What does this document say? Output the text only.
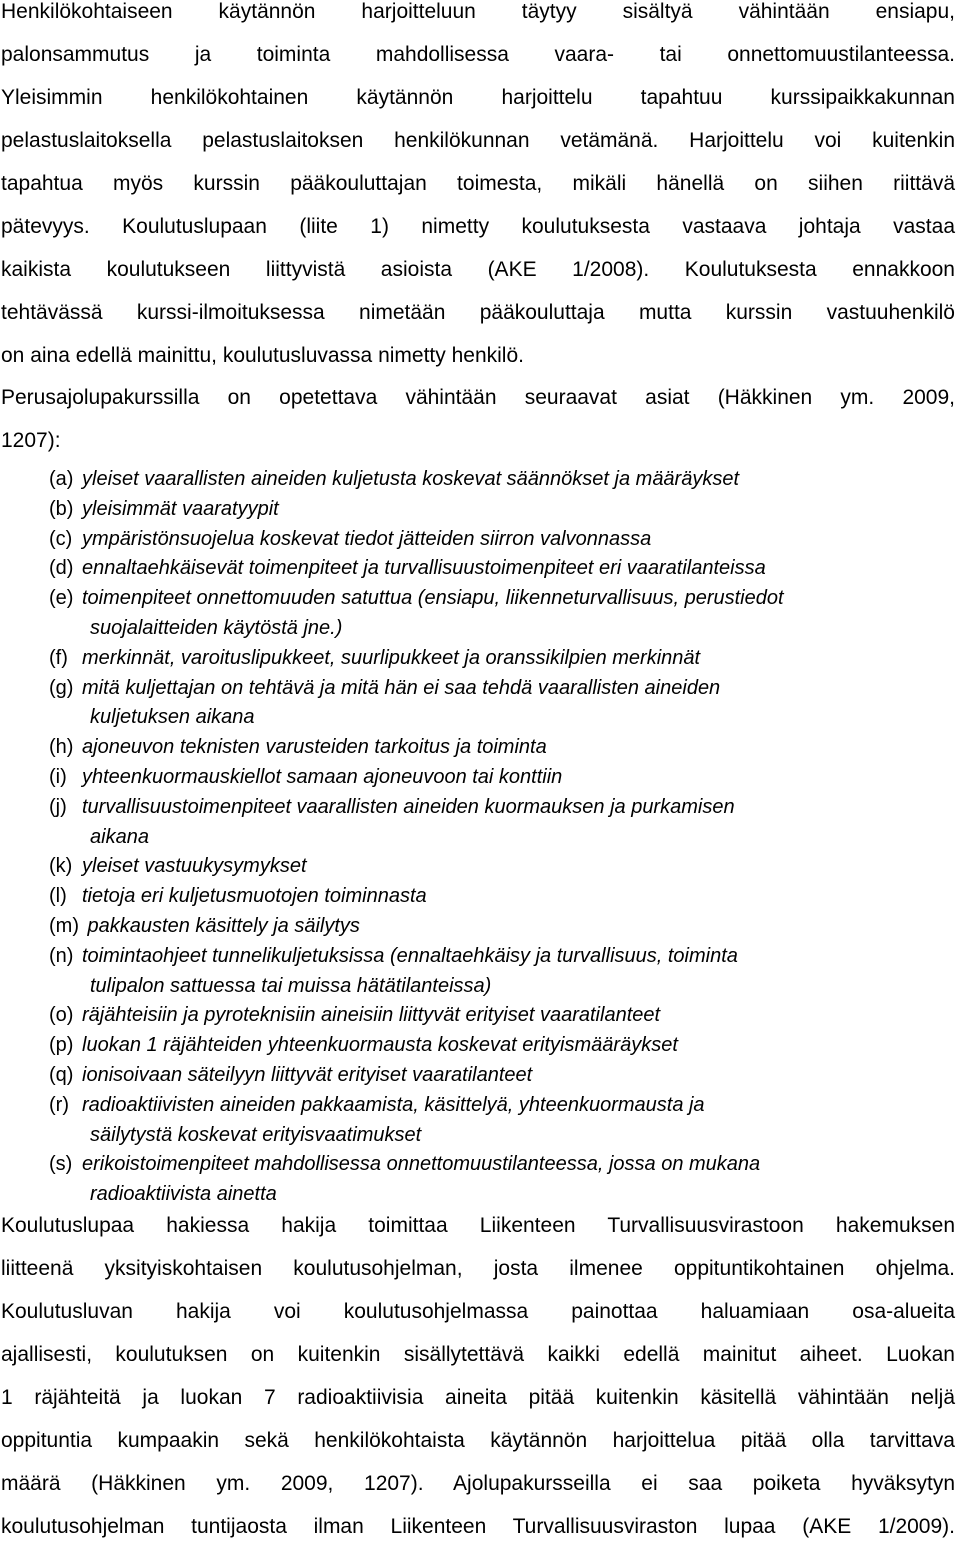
Henkilökohtaiseen käytännön harjoitteluun täytyy sisältyä vähintään ensiapu,
palonsammutus ja toiminta mahdollisessa vaara- tai onnettomuustilanteessa.
Yleisimmin henkilökohtainen käytännön harjoittelu tapahtuu kurssipaikkakunnan
pelastuslaitoksella pelastuslaitoksen henkilökunnan vetämänä. Harjoittelu voi kuitenkin
tapahtua myös kurssin pääkouluttajan toimesta, mikäli hänellä on siihen riittävä
pätevyys. Koulutuslupaan (liite 1) nimetty koulutuksesta vastaava johtaja vastaa
kaikista koulutukseen liittyvistä asioista (AKE 1/2008). Koulutuksesta ennakkoon
tehtävässä kurssi-ilmoituksessa nimetään pääkouluttaja mutta kurssin vastuuhenkilö
on aina edellä mainittu, koulutusluvassa nimetty henkilö.
Perusajolupakurssilla on opetettava vähintään seuraavat asiat (Häkkinen ym. 2009,
1207):
(a) yleiset vaarallisten aineiden kuljetusta koskevat säännökset ja määräykset
(b) yleisimmät vaaratyypit
(c) ympäristönsuojelua koskevat tiedot jätteiden siirron valvonnassa
(d) ennaltaehkäisevät toimenpiteet ja turvallisuustoimenpiteet eri vaaratilanteissa
(e) toimenpiteet onnettomuuden satuttua (ensiapu, liikenneturvallisuus, perustiedot
suojalaitteiden käytöstä jne.)
(f) merkinnät, varoituslipukkeet, suurlipukkeet ja oranssikilpien merkinnät
(g) mitä kuljettajan on tehtävä ja mitä hän ei saa tehdä vaarallisten aineiden
kuljetuksen aikana
(h) ajoneuvon teknisten varusteiden tarkoitus ja toiminta
(i) yhteenkuormauskiellot samaan ajoneuvoon tai konttiin
(j) turvallisuustoimenpiteet vaarallisten aineiden kuormauksen ja purkamisen
aikana
(k) yleiset vastuukysymykset
(l) tietoja eri kuljetusmuotojen toiminnasta
(m) pakkausten käsittely ja säilytys
(n) toimintaohjeet tunnelikuljetuksissa (ennaltaehkäisy ja turvallisuus, toiminta
tulipalon sattuessa tai muissa hätätilanteissa)
(o) räjähteisiin ja pyroteknisiin aineisiin liittyvät erityiset vaaratilanteet
(p) luokan 1 räjähteiden yhteenkuormausta koskevat erityismääräykset
(q) ionisoivaan säteilyyn liittyvät erityiset vaaratilanteet
(r) radioaktiivisten aineiden pakkaamista, käsittelyä, yhteenkuormausta ja
säilytystä koskevat erityisvaatimukset
(s) erikoistoimenpiteet mahdollisessa onnettomuustilanteessa, jossa on mukana
radioaktiivista ainetta
Koulutuslupaa hakiessa hakija toimittaa Liikenteen Turvallisuusvirastoon hakemuksen
liitteenä yksityiskohtaisen koulutusohjelman, josta ilmenee oppituntikohtainen ohjelma.
Koulutusluvan hakija voi koulutusohjelmassa painottaa haluamiaan osa-alueita
ajallisesti, koulutuksen on kuitenkin sisällytettävä kaikki edellä mainitut aiheet. Luokan
1 räjähteitä ja luokan 7 radioaktiivisia aineita pitää kuitenkin käsitellä vähintään neljä
oppituntia kumpaakin sekä henkilökohtaista käytännön harjoittelua pitää olla tarvittava
määrä (Häkkinen ym. 2009, 1207). Ajolupakursseilla ei saa poiketa hyväksytyn
koulutusohjelman tuntijaosta ilman Liikenteen Turvallisuusviraston lupaa (AKE 1/2009).
